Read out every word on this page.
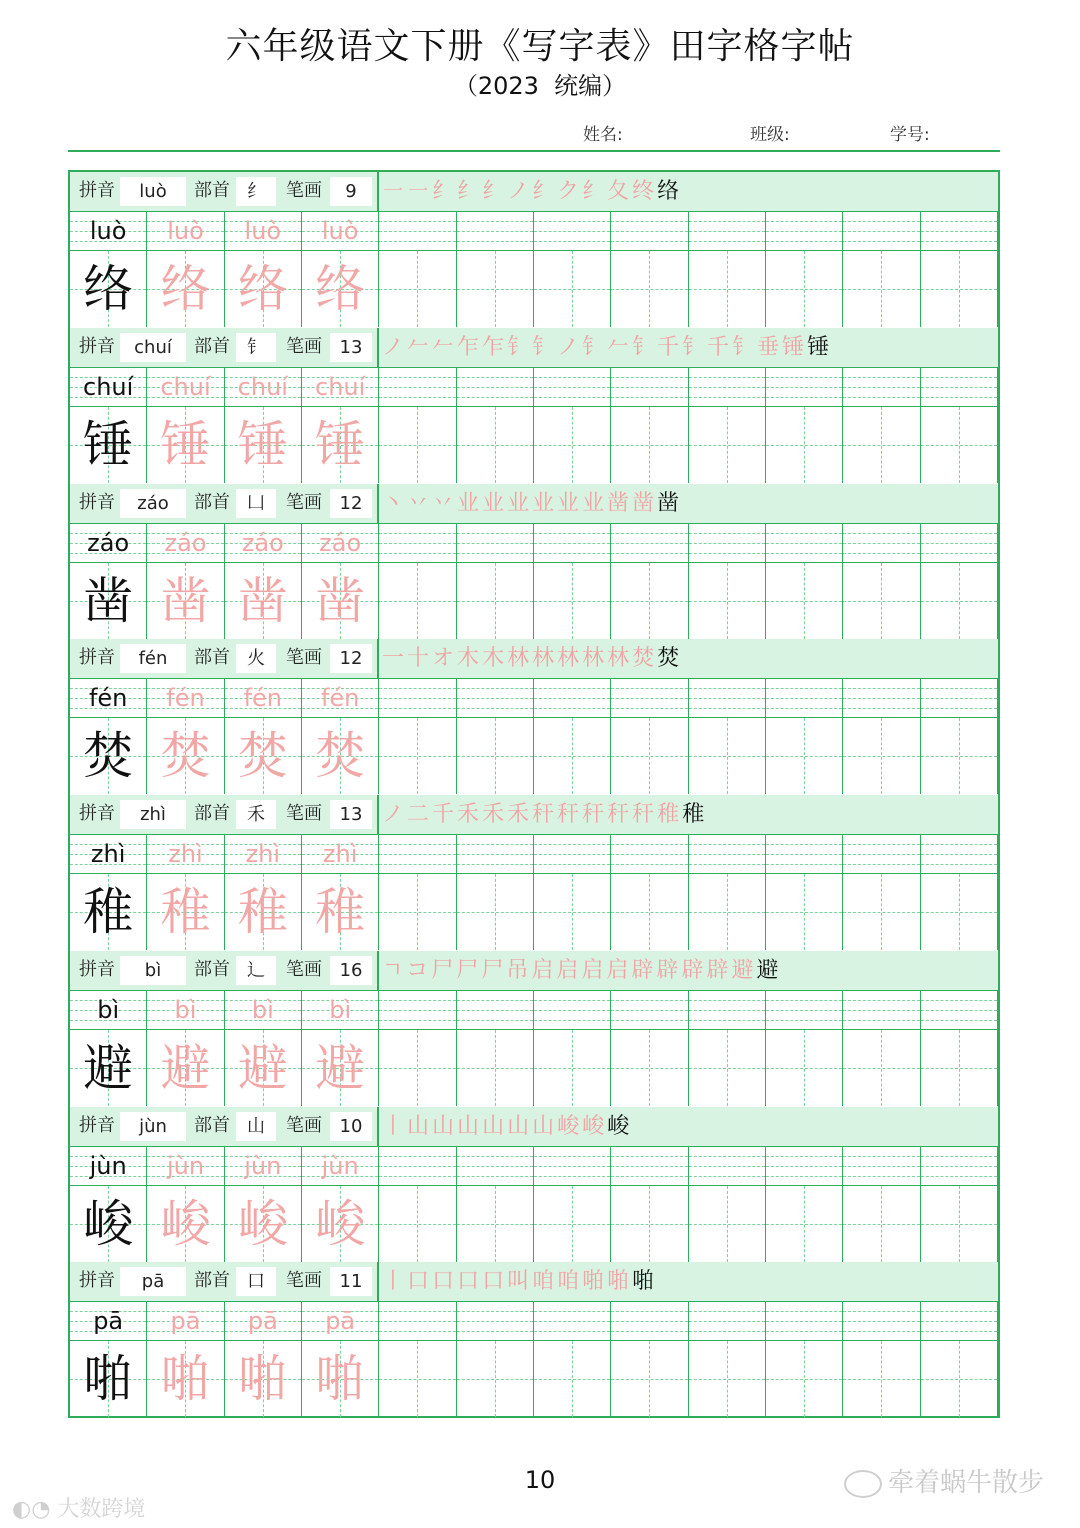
六年级语文下册《写字表》田字格字帖
（2023  统编）
姓名:	班级:	学号:
拼音	luò	部首 纟	笔画	9	㇐㇐纟纟纟ノ纟ク纟夂终络
luò	luò	luò	luò
络 络 络 络
拼音	chuí	部首 钅	笔画 13 ノ𠂉𠂉乍乍钅钅ノ钅𠂉钅千钅千钅垂锤锤
chuí	chuí	chuí	chuí
锤 锤 锤 锤
拼音	záo	部首 凵	笔画 12 丶丷丷业业业业业业凿凿凿
záo	záo	záo	záo
凿 凿 凿 凿
拼音	fén	部首 火	笔画 12 一十オ木木林林林林林焚焚
fén	fén	fén	fén
焚 焚 焚 焚
拼音	zhì	部首 禾	笔画 13 ノ二千禾禾禾秆秆秆秆秆稚稚
zhì	zhì	zhì	zhì
稚 稚 稚 稚
拼音	bì	部首 辶	笔画 16 ㄱコ尸尸尸吊启启启启辟辟辟辟避避
bì	bì	bì	bì
避 避 避 避
拼音	jùn	部首 山	笔画 10 丨山山山山山山峻峻峻
jùn	jùn	jùn	jùn
峻 峻 峻 峻
拼音	pā	部首 口	笔画 11 丨口口口口叫咱咱啪啪啪
pā	pā	pā	pā
啪 啪 啪 啪
10	牵着蜗牛散步
◐◔ 大数跨境
